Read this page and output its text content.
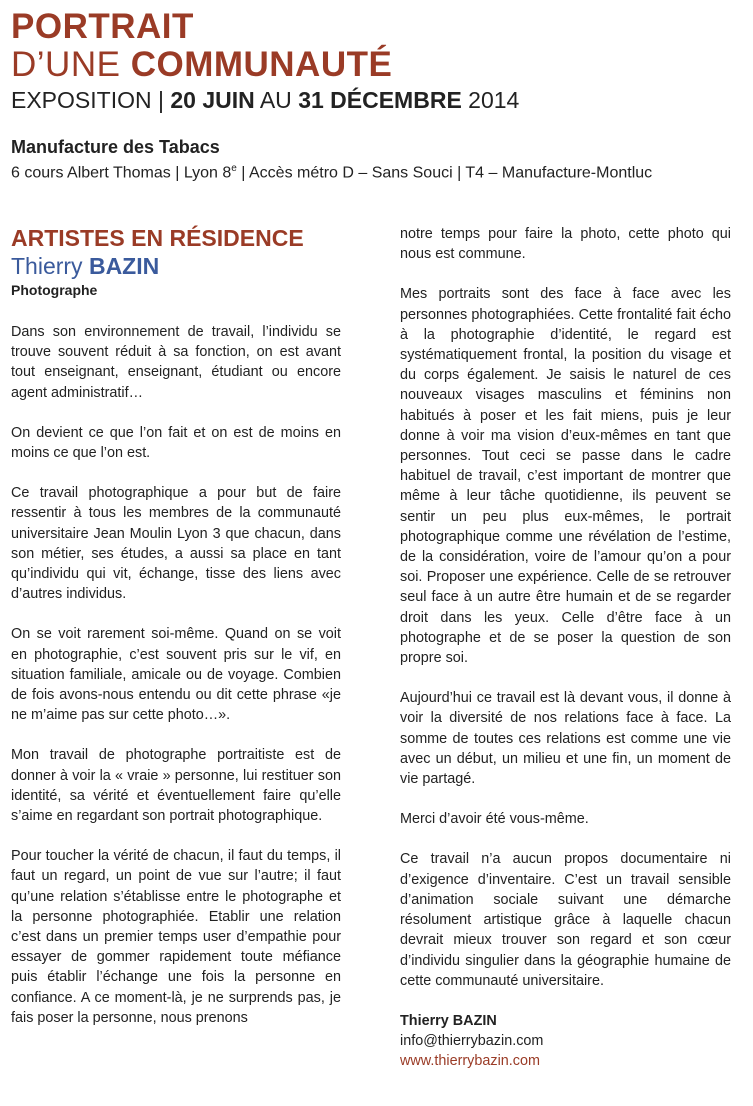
PORTRAIT
D’UNE COMMUNAUTÉ
EXPOSITION | 20 JUIN AU 31 DÉCEMBRE 2014
Manufacture des Tabacs
6 cours Albert Thomas | Lyon 8e | Accès métro D – Sans Souci | T4 – Manufacture-Montluc
ARTISTES EN RÉSIDENCE
Thierry BAZIN
Photographe

Dans son environnement de travail, l’individu se trouve souvent réduit à sa fonction, on est avant tout enseignant, enseignant, étudiant ou encore agent administratif…

On devient ce que l’on fait et on est de moins en moins ce que l’on est.

Ce travail photographique a pour but de faire ressentir à tous les membres de la communauté universitaire Jean Moulin Lyon 3 que chacun, dans son métier, ses études, a aussi sa place en tant qu’individu qui vit, échange, tisse des liens avec d’autres individus.

On se voit rarement soi-même. Quand on se voit en photographie, c’est souvent pris sur le vif, en situation familiale, amicale ou de voyage. Combien de fois avons-nous entendu ou dit cette phrase «je ne m’aime pas sur cette photo…».

Mon travail de photographe portraitiste est de donner à voir la « vraie » personne, lui restituer son identité, sa vérité et éventuellement faire qu’elle s’aime en regardant son portrait photographique.

Pour toucher la vérité de chacun, il faut du temps, il faut un regard, un point de vue sur l’autre; il faut qu’une relation s’établisse entre le photographe et la personne photographiée. Etablir une relation c’est dans un premier temps user d’empathie pour essayer de gommer rapidement toute méfiance puis établir l’échange une fois la personne en confiance. A ce moment-là, je ne surprends pas, je fais poser la personne, nous prenons

notre temps pour faire la photo, cette photo qui nous est commune.

Mes portraits sont des face à face avec les personnes photographiées. Cette frontalité fait écho à la photographie d’identité, le regard est systématiquement frontal, la position du visage et du corps également. Je saisis le naturel de ces nouveaux visages masculins et féminins non habitués à poser et les fait miens, puis je leur donne à voir ma vision d’eux-mêmes en tant que personnes. Tout ceci se passe dans le cadre habituel de travail, c’est important de montrer que même à leur tâche quotidienne, ils peuvent se sentir un peu plus eux-mêmes, le portrait photographique comme une révélation de l’estime, de la considération, voire de l’amour qu’on a pour soi. Proposer une expérience. Celle de se retrouver seul face à un autre être humain et de se regarder droit dans les yeux. Celle d’être face à un photographe et de se poser la question de son propre soi.

Aujourd’hui ce travail est là devant vous, il donne à voir la diversité de nos relations face à face. La somme de toutes ces relations est comme une vie avec un début, un milieu et une fin, un moment de vie partagé.

Merci d’avoir été vous-même.

Ce travail n’a aucun propos documentaire ni d’exigence d’inventaire. C’est un travail sensible d’animation sociale suivant une démarche résolument artistique grâce à laquelle chacun devrait mieux trouver son regard et son cœur d’individu singulier dans la géographie humaine de cette communauté universitaire.

Thierry BAZIN
info@thierrybazin.com
www.thierrybazin.com
